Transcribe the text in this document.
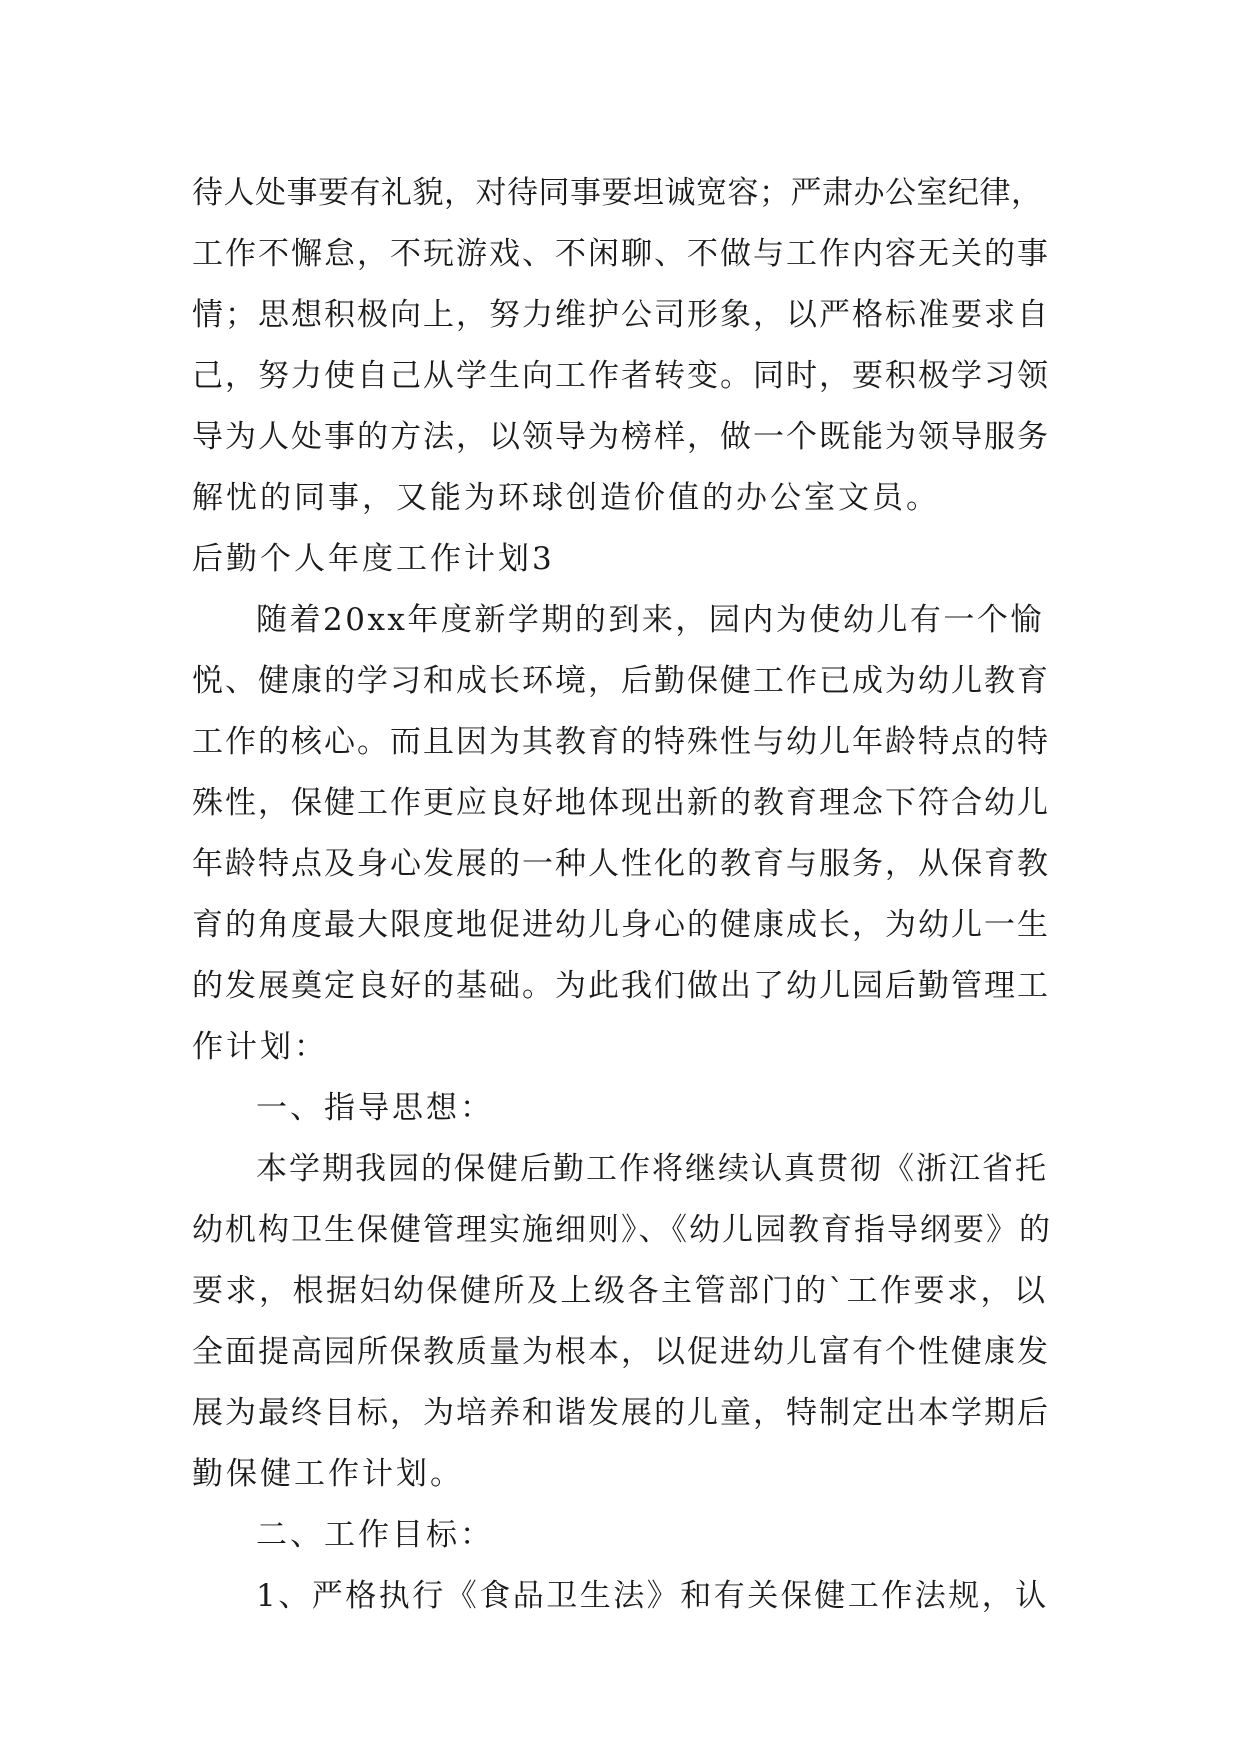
待人处事要有礼貌，对待同事要坦诚宽容；严肃办公室纪律，
工作不懈怠，不玩游戏、不闲聊、不做与工作内容无关的事
情；思想积极向上，努力维护公司形象，以严格标准要求自
己，努力使自己从学生向工作者转变。同时，要积极学习领
导为人处事的方法，以领导为榜样，做一个既能为领导服务
解忧的同事，又能为环球创造价值的办公室文员。
后勤个人年度工作计划3
随着20xx年度新学期的到来，园内为使幼儿有一个愉
悦、健康的学习和成长环境，后勤保健工作已成为幼儿教育
工作的核心。而且因为其教育的特殊性与幼儿年龄特点的特
殊性，保健工作更应良好地体现出新的教育理念下符合幼儿
年龄特点及身心发展的一种人性化的教育与服务，从保育教
育的角度最大限度地促进幼儿身心的健康成长，为幼儿一生
的发展奠定良好的基础。为此我们做出了幼儿园后勤管理工
作计划：
一、指导思想：
本学期我园的保健后勤工作将继续认真贯彻《浙江省托
幼机构卫生保健管理实施细则》、《幼儿园教育指导纲要》的
要求，根据妇幼保健所及上级各主管部门的`工作要求，以
全面提高园所保教质量为根本，以促进幼儿富有个性健康发
展为最终目标，为培养和谐发展的儿童，特制定出本学期后
勤保健工作计划。
二、工作目标：
1、严格执行《食品卫生法》和有关保健工作法规，认
